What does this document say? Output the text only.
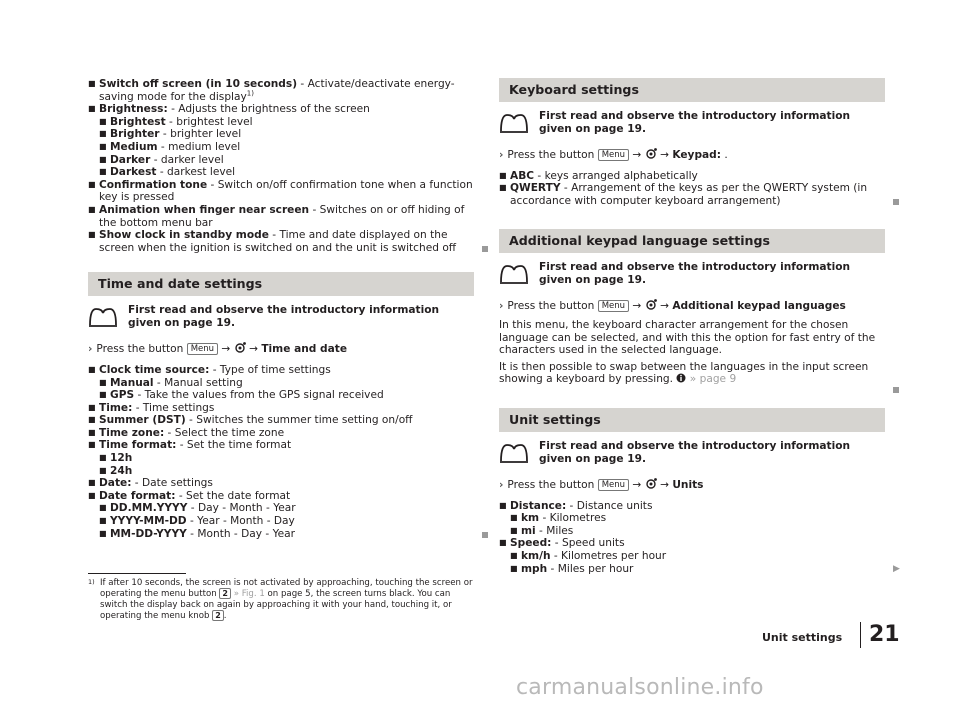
■ Switch off screen (in 10 seconds) - Activate/deactivate energy-saving mode for the display$^{1)}$
■ Brightness: - Adjusts the brightness of the screen
■ Brightest - brightest level
■ Brighter - brighter level
■ Medium - medium level
■ Darker - darker level
■ Darkest - darkest level
■ Confirmation tone - Switch on/off confirmation tone when a function key is pressed
■ Animation when finger near screen - Switches on or off hiding of the bottom menu bar
■ Show clock in standby mode - Time and date displayed on the screen when the ignition is switched on and the unit is switched off
Time and date settings
First read and observe the introductory information given on page 19.
› Press the button Menu → → Time and date
■ Clock time source: - Type of time settings
■ Manual - Manual setting
■ GPS - Take the values from the GPS signal received
■ Time: - Time settings
■ Summer (DST) - Switches the summer time setting on/off
■ Time zone: - Select the time zone
■ Time format: - Set the time format
■ 12h
■ 24h
■ Date: - Date settings
■ Date format: - Set the date format
■ DD.MM.YYYY - Day - Month - Year
■ YYYY-MM-DD - Year - Month - Day
■ MM-DD-YYYY - Month - Day - Year
Keyboard settings
First read and observe the introductory information given on page 19.
› Press the button Menu → → Keypad: .
■ ABC - keys arranged alphabetically
■ QWERTY - Arrangement of the keys as per the QWERTY system (in accordance with computer keyboard arrangement)
Additional keypad language settings
First read and observe the introductory information given on page 19.
› Press the button Menu → → Additional keypad languages
In this menu, the keyboard character arrangement for the chosen language can be selected, and with this the option for fast entry of the characters used in the selected language.
It is then possible to swap between the languages in the input screen showing a keyboard by pressing. » page 9
Unit settings
First read and observe the introductory information given on page 19.
› Press the button Menu → → Units
■ Distance: - Distance units
■ km - Kilometres
■ mi - Miles
■ Speed: - Speed units
■ km/h - Kilometres per hour
■ mph - Miles per hour	▶
1) If after 10 seconds, the screen is not activated by approaching, touching the screen or operating the menu button 2 » Fig. 1 on page 5, the screen turns black. You can switch the display back on again by approaching it with your hand, touching it, or operating the menu knob 2 .
Unit settings 21
carmanualsonline.info
